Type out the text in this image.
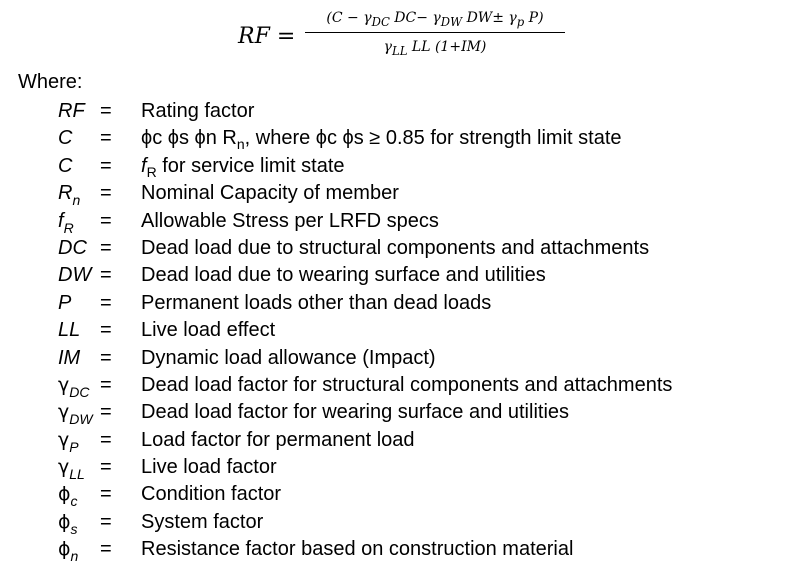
RF =
($C - \gamma_{DC}$ $DC- \gamma_{DW}$ $DW\pm \gamma_p$ P)
$\gamma_{LL}$ LL (1+IM)
Where:
RF = Rating factor
C = ϕc ϕs ϕn $R_n$, where ϕc ϕs ≥ 0.85 for strength limit state
$C = f_R$ for service limit state
$R_n$ = Nominal Capacity of member
$f_R$ = Allowable Stress per LRFD specs
DC = Dead load due to structural components and attachments
DW = Dead load due to wearing surface and utilities
P = Permanent loads other than dead loads
LL = Live load effect
IM = Dynamic load allowance (Impact)
$\gamma_{DC}$ = Dead load factor for structural components and attachments
$\gamma_{DW}$ = Dead load factor for wearing surface and utilities
$\gamma_P$ = Load factor for permanent load
$\gamma_{LL}$ = Live load factor
$\phi_c$ = Condition factor
$\phi_s$ = System factor
$\phi_n$ = Resistance factor based on construction material
